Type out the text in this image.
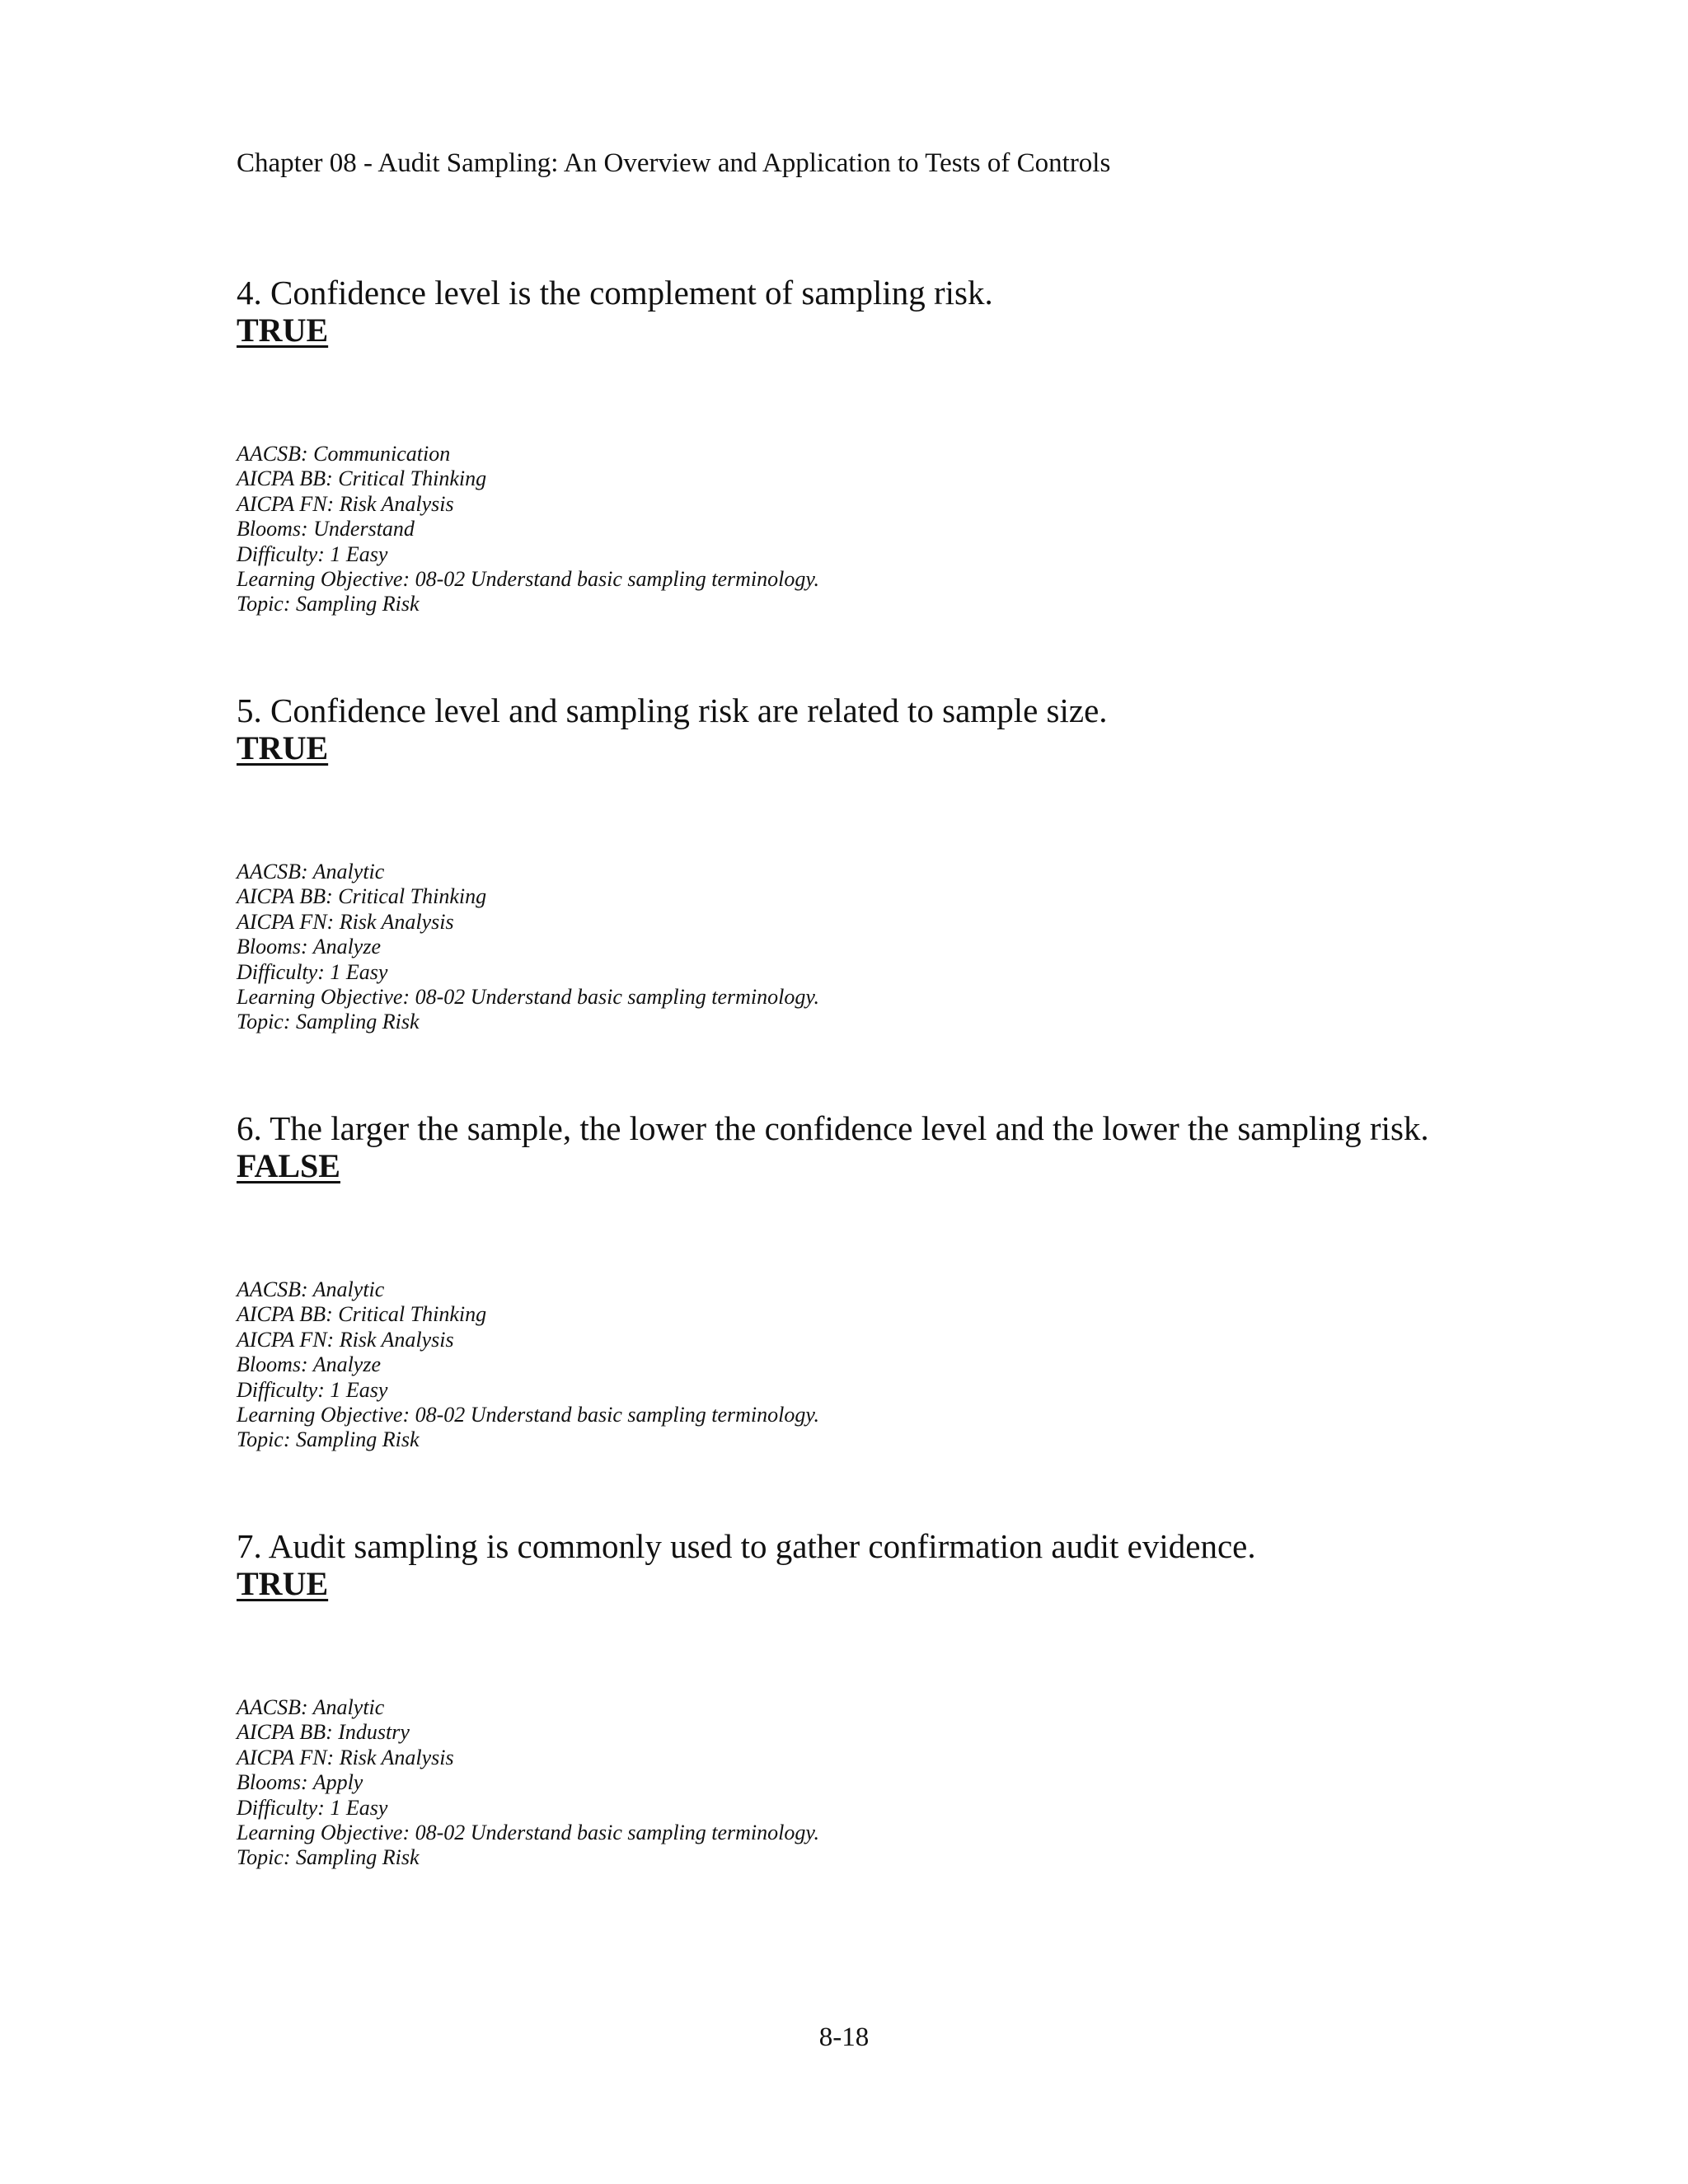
Chapter 08 - Audit Sampling: An Overview and Application to Tests of Controls
4. Confidence level is the complement of sampling risk.
TRUE
AACSB: Communication
AICPA BB: Critical Thinking
AICPA FN: Risk Analysis
Blooms: Understand
Difficulty: 1 Easy
Learning Objective: 08-02 Understand basic sampling terminology.
Topic: Sampling Risk
5. Confidence level and sampling risk are related to sample size.
TRUE
AACSB: Analytic
AICPA BB: Critical Thinking
AICPA FN: Risk Analysis
Blooms: Analyze
Difficulty: 1 Easy
Learning Objective: 08-02 Understand basic sampling terminology.
Topic: Sampling Risk
6. The larger the sample, the lower the confidence level and the lower the sampling risk.
FALSE
AACSB: Analytic
AICPA BB: Critical Thinking
AICPA FN: Risk Analysis
Blooms: Analyze
Difficulty: 1 Easy
Learning Objective: 08-02 Understand basic sampling terminology.
Topic: Sampling Risk
7. Audit sampling is commonly used to gather confirmation audit evidence.
TRUE
AACSB: Analytic
AICPA BB: Industry
AICPA FN: Risk Analysis
Blooms: Apply
Difficulty: 1 Easy
Learning Objective: 08-02 Understand basic sampling terminology.
Topic: Sampling Risk
8-18
